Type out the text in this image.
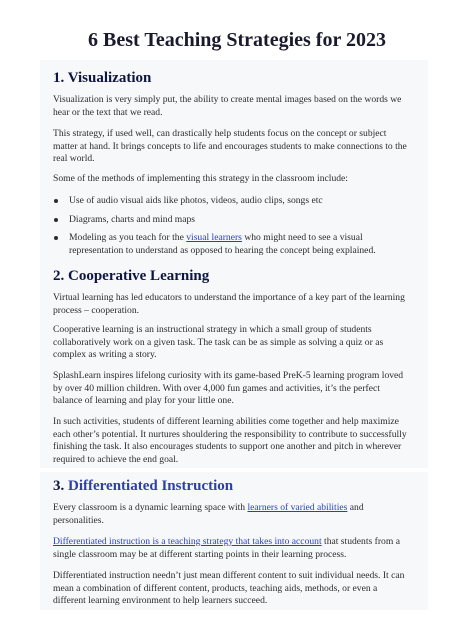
6 Best Teaching Strategies for 2023
1. Visualization

Visualization is very simply put, the ability to create mental images based on the words we hear or the text that we read.

This strategy, if used well, can drastically help students focus on the concept or subject matter at hand. It brings concepts to life and encourages students to make connections to the real world.

Some of the methods of implementing this strategy in the classroom include:

Use of audio visual aids like photos, videos, audio clips, songs etc
Diagrams, charts and mind maps
Modeling as you teach for the visual learners who might need to see a visual representation to understand as opposed to hearing the concept being explained.
2. Cooperative Learning

Virtual learning has led educators to understand the importance of a key part of the learning process – cooperation.

Cooperative learning is an instructional strategy in which a small group of students collaboratively work on a given task. The task can be as simple as solving a quiz or as complex as writing a story.

SplashLearn inspires lifelong curiosity with its game-based PreK-5 learning program loved by over 40 million children. With over 4,000 fun games and activities, it’s the perfect balance of learning and play for your little one.

In such activities, students of different learning abilities come together and help maximize each other’s potential. It nurtures shouldering the responsibility to contribute to successfully finishing the task. It also encourages students to support one another and pitch in wherever required to achieve the end goal.

3. Differentiated Instruction

Every classroom is a dynamic learning space with learners of varied abilities and personalities.

Differentiated instruction is a teaching strategy that takes into account that students from a single classroom may be at different starting points in their learning process.

Differentiated instruction needn’t just mean different content to suit individual needs. It can mean a combination of different content, products, teaching aids, methods, or even a different learning environment to help learners succeed.
